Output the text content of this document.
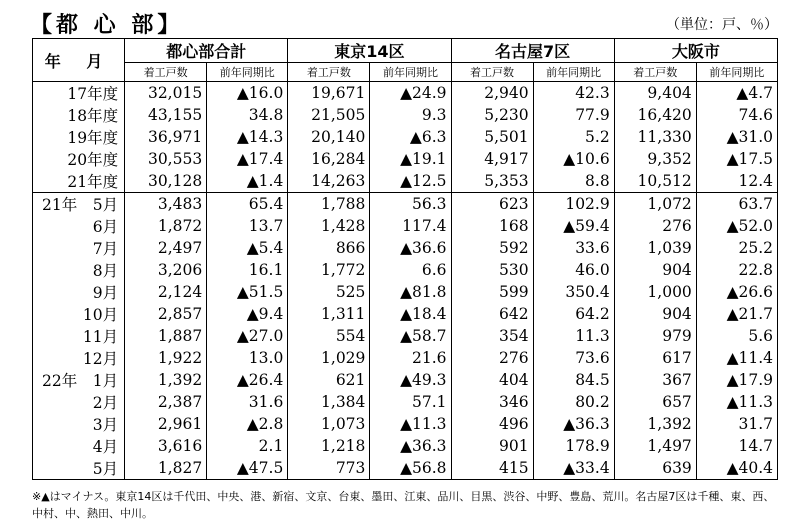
【都 心 部】	（単位：戸、％）
年 月	都心部合計		東京14区		名古屋7区		大阪市	
	着工戸数	前年同期比	着工戸数	前年同期比	着工戸数	前年同期比	着工戸数	前年同期比
17年度	32,015	▲16.0	19,671	▲24.9	2,940	42.3	9,404	▲4.7
18年度	43,155	34.8	21,505	9.3	5,230	77.9	16,420	74.6
19年度	36,971	▲14.3	20,140	▲6.3	5,501	5.2	11,330	▲31.0
20年度	30,553	▲17.4	16,284	▲19.1	4,917	▲10.6	9,352	▲17.5
21年度	30,128	▲1.4	14,263	▲12.5	5,353	8.8	10,512	12.4
21年　5月	3,483	65.4	1,788	56.3	623	102.9	1,072	63.7
6月	1,872	13.7	1,428	117.4	168	▲59.4	276	▲52.0
7月	2,497	▲5.4	866	▲36.6	592	33.6	1,039	25.2
8月	3,206	16.1	1,772	6.6	530	46.0	904	22.8
9月	2,124	▲51.5	525	▲81.8	599	350.4	1,000	▲26.6
10月	2,857	▲9.4	1,311	▲18.4	642	64.2	904	▲21.7
11月	1,887	▲27.0	554	▲58.7	354	11.3	979	5.6
12月	1,922	13.0	1,029	21.6	276	73.6	617	▲11.4
22年　1月	1,392	▲26.4	621	▲49.3	404	84.5	367	▲17.9
2月	2,387	31.6	1,384	57.1	346	80.2	657	▲11.3
3月	2,961	▲2.8	1,073	▲11.3	496	▲36.3	1,392	31.7
4月	3,616	2.1	1,218	▲36.3	901	178.9	1,497	14.7
5月	1,827	▲47.5	773	▲56.8	415	▲33.4	639	▲40.4
※▲はマイナス。東京14区は千代田、中央、港、新宿、文京、台東、墨田、江東、品川、目黒、渋谷、中野、豊島、荒川。名古屋7区は千種、東、西、中村、中、熱田、中川。
